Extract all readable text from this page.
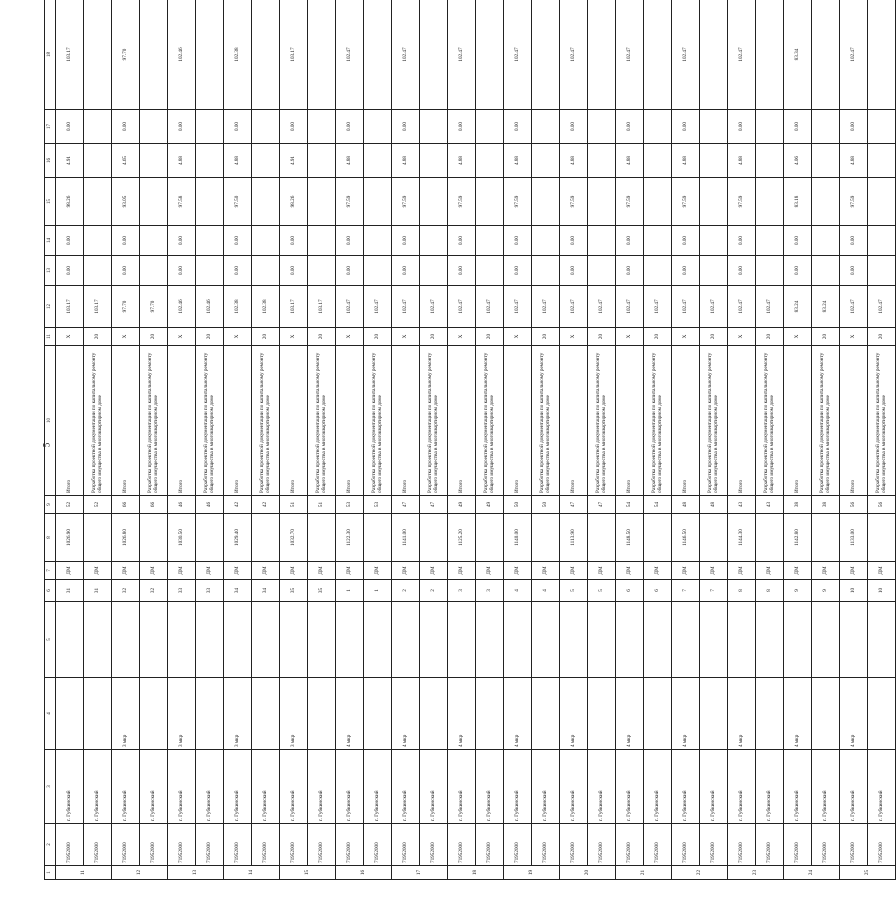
5
1	2	3	4	5	6	7	8	9	10	11	12	13	14	15	16	17	18
11	71952000	г. Губкинский			31	ДМ	1026.90	52	Итого	X	103.17	0.00	0.00	98.26	4.91	0.00	103.17
	71952000	г. Губкинский			31	ДМ		52	Разработка проектной документации по капитальному ремонту общего имущества в многоквартирном доме	20	103.17						
12	71952000	г. Губкинский	3 мкр		32	ДМ	1026.80	66	Итого	X	97.70	0.00	0.00	93.05	4.65	0.00	97.70
	71952000	г. Губкинский			32	ДМ		66	Разработка проектной документации по капитальному ремонту общего имущества в многоквартирном доме	20	97.70						
13	71952000	г. Губкинский	3 мкр		33	ДМ	1030.50	46	Итого	X	102.46	0.00	0.00	97.58	4.88	0.00	102.46
	71952000	г. Губкинский			33	ДМ		46	Разработка проектной документации по капитальному ремонту общего имущества в многоквартирном доме	20	102.46						
14	71952000	г. Губкинский	3 мкр		34	ДМ	1029.40	42	Итого	X	102.38	0.00	0.00	97.50	4.88	0.00	102.38
	71952000	г. Губкинский			34	ДМ		42	Разработка проектной документации по капитальному ремонту общего имущества в многоквартирном доме	20	102.38						
15	71952000	г. Губкинский	3 мкр		35	ДМ	1032.70	51	Итого	X	103.17	0.00	0.00	98.26	4.91	0.00	103.17
	71952000	г. Губкинский			35	ДМ		51	Разработка проектной документации по капитальному ремонту общего имущества в многоквартирном доме	20	103.17						
16	71952000	г. Губкинский	4 мкр		1	ДМ	1122.30	53	Итого	X	102.47	0.00	0.00	97.59	4.88	0.00	102.47
	71952000	г. Губкинский			1	ДМ		53	Разработка проектной документации по капитальному ремонту общего имущества в многоквартирном доме	20	102.47						
17	71952000	г. Губкинский	4 мкр		2	ДМ	1141.00	47	Итого	X	102.47	0.00	0.00	97.59	4.88	0.00	102.47
	71952000	г. Губкинский			2	ДМ		47	Разработка проектной документации по капитальному ремонту общего имущества в многоквартирном доме	20	102.47						
18	71952000	г. Губкинский	4 мкр		3	ДМ	1125.20	49	Итого	X	102.47	0.00	0.00	97.59	4.88	0.00	102.47
	71952000	г. Губкинский			3	ДМ		49	Разработка проектной документации по капитальному ремонту общего имущества в многоквартирном доме	20	102.47						
19	71952000	г. Губкинский	4 мкр		4	ДМ	1140.00	50	Итого	X	102.47	0.00	0.00	97.59	4.88	0.00	102.47
	71952000	г. Губкинский			4	ДМ		50	Разработка проектной документации по капитальному ремонту общего имущества в многоквартирном доме	20	102.47						
20	71952000	г. Губкинский	4 мкр		5	ДМ	1113.90	47	Итого	X	102.47	0.00	0.00	97.59	4.88	0.00	102.47
	71952000	г. Губкинский			5	ДМ		47	Разработка проектной документации по капитальному ремонту общего имущества в многоквартирном доме	20	102.47						
21	71952000	г. Губкинский	4 мкр		6	ДМ	1148.50	54	Итого	X	102.47	0.00	0.00	97.59	4.88	0.00	102.47
	71952000	г. Губкинский			6	ДМ		54	Разработка проектной документации по капитальному ремонту общего имущества в многоквартирном доме	20	102.47						
22	71952000	г. Губкинский	4 мкр		7	ДМ	1146.50	48	Итого	X	102.47	0.00	0.00	97.59	4.88	0.00	102.47
	71952000	г. Губкинский			7	ДМ		48	Разработка проектной документации по капитальному ремонту общего имущества в многоквартирном доме	20	102.47						
23	71952000	г. Губкинский	4 мкр		8	ДМ	1144.30	43	Итого	X	102.47	0.00	0.00	97.59	4.88	0.00	102.47
	71952000	г. Губкинский			8	ДМ		43	Разработка проектной документации по капитальному ремонту общего имущества в многоквартирном доме	20	102.47						
24	71952000	г. Губкинский	4 мкр		9	ДМ	1142.80	38	Итого	X	83.24	0.00	0.00	83.18	4.06	0.00	83.34
	71952000	г. Губкинский			9	ДМ		38	Разработка проектной документации по капитальному ремонту общего имущества в многоквартирном доме	20	83.24						
25	71952000	г. Губкинский	4 мкр		10	ДМ	1133.00	56	Итого	X	102.47	0.00	0.00	97.59	4.88	0.00	102.47
	71952000	г. Губкинский			10	ДМ		56	Разработка проектной документации по капитальному ремонту общего имущества в многоквартирном доме	20	102.47						
